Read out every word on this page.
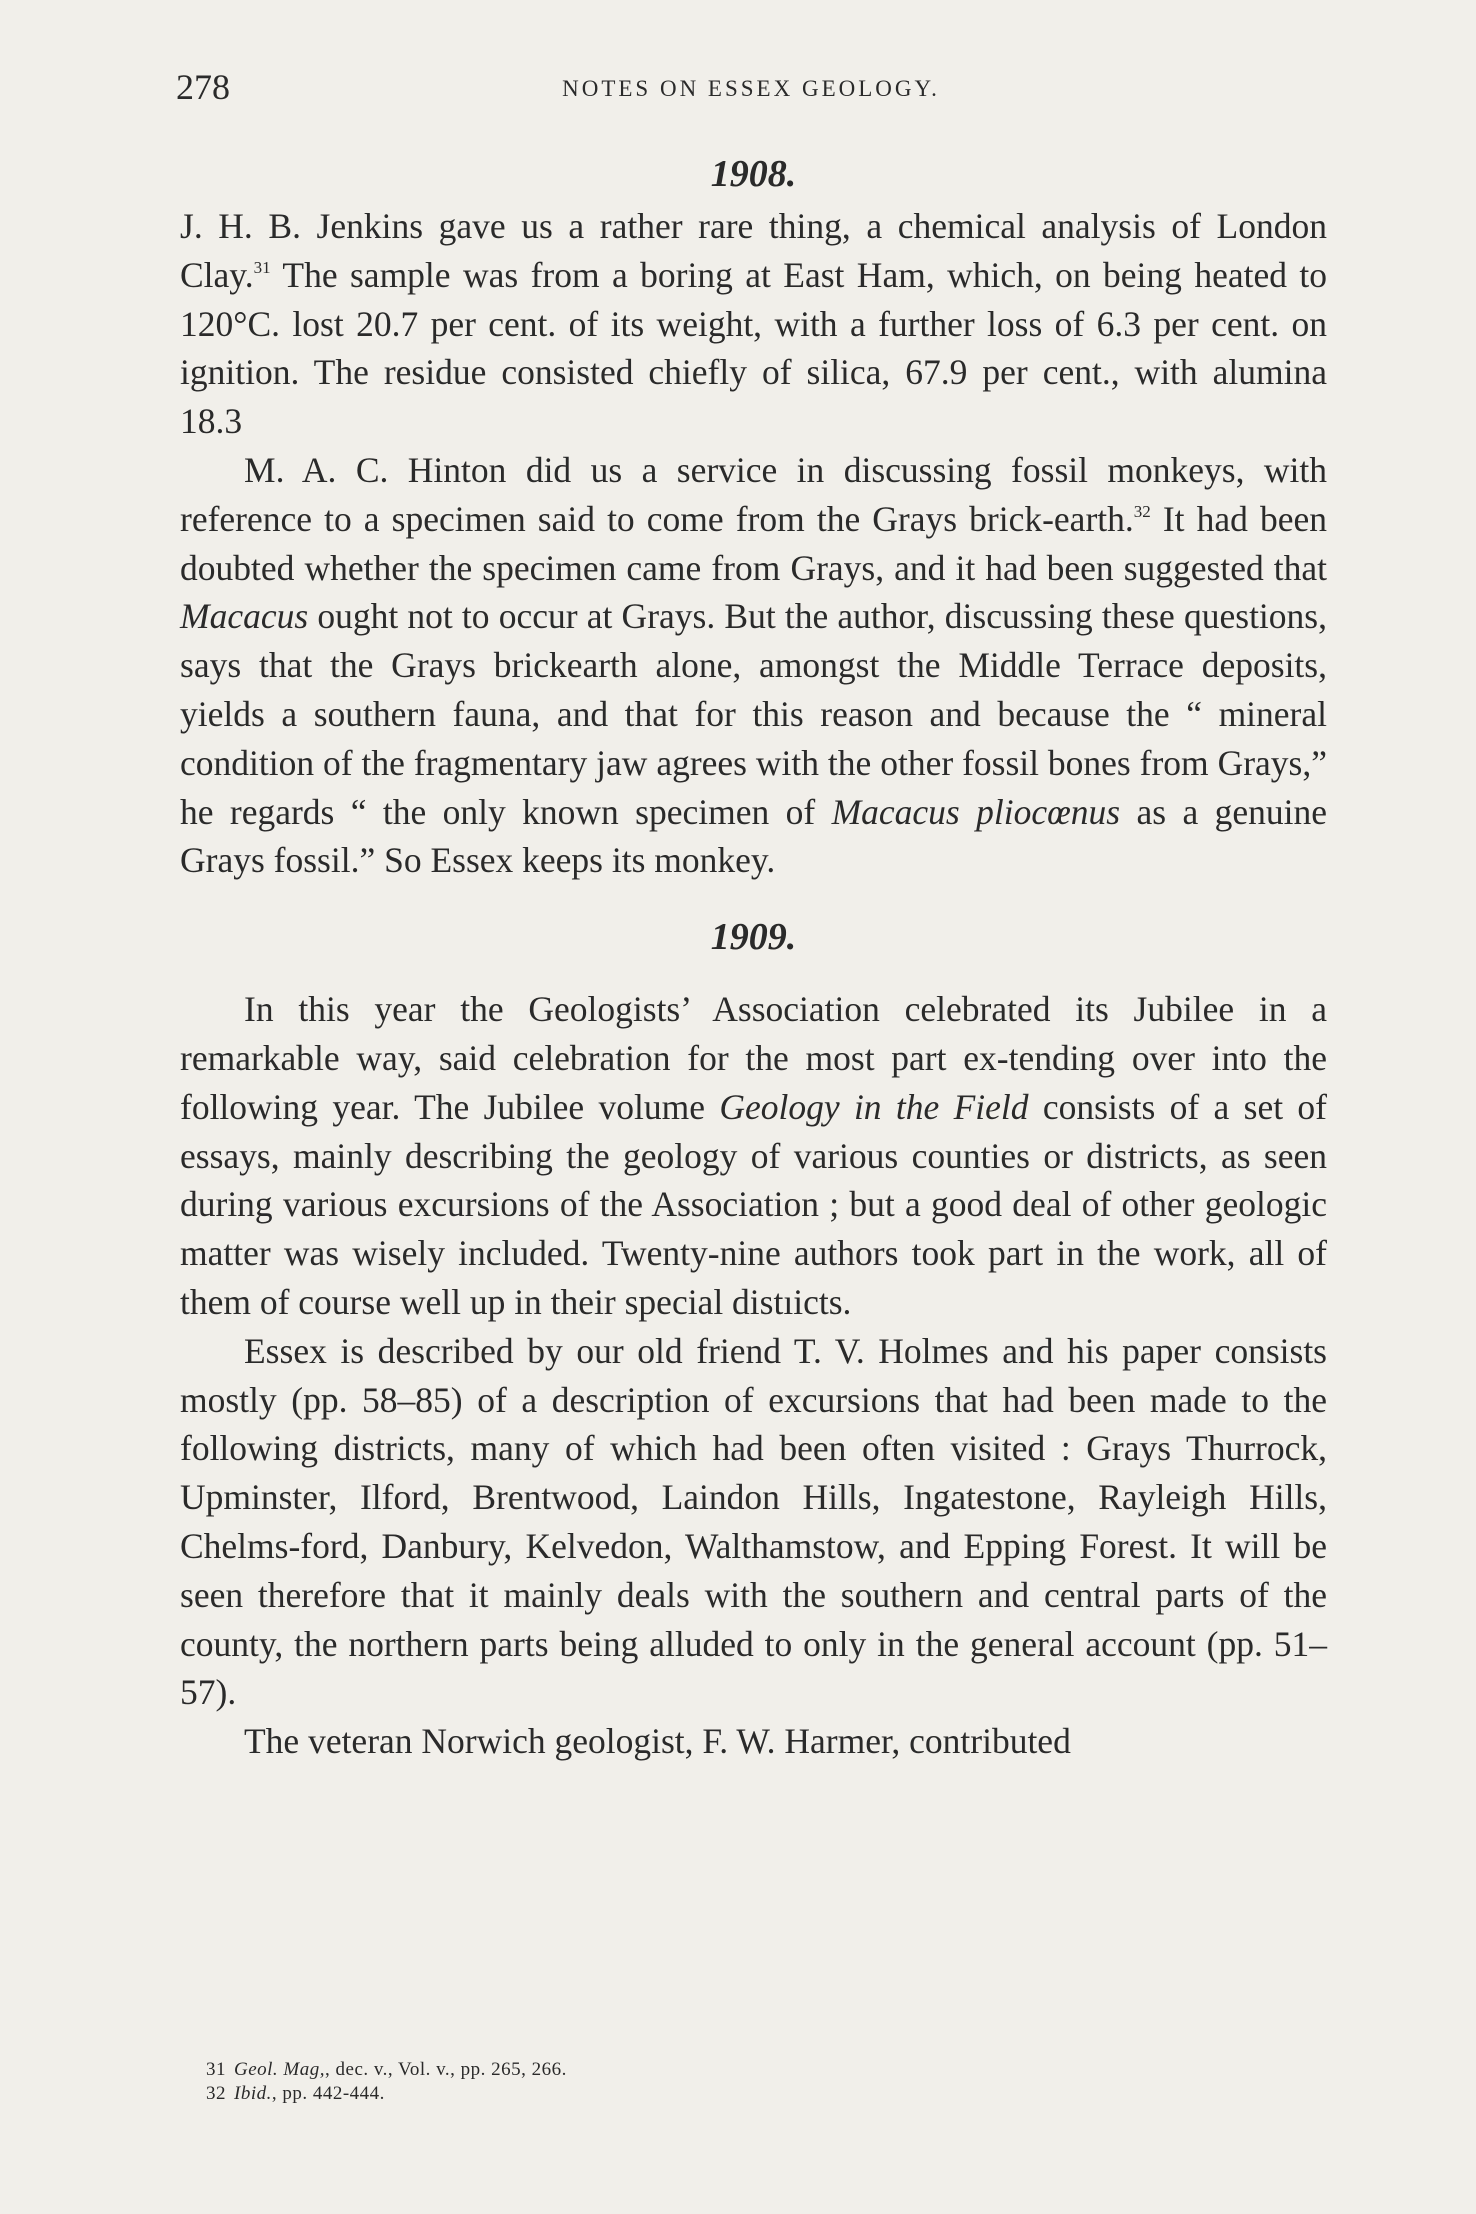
278	NOTES ON ESSEX GEOLOGY.
1908.

J. H. B. Jenkins gave us a rather rare thing, a chemical analysis of London Clay.$^{31}$ The sample was from a boring at East Ham, which, on being heated to 120°C. lost 20.7 per cent. of its weight, with a further loss of 6.3 per cent. on ignition. The residue consisted chiefly of silica, 67.9 per cent., with alumina 18.3

M. A. C. Hinton did us a service in discussing fossil monkeys, with reference to a specimen said to come from the Grays brick-earth.$^{32}$ It had been doubted whether the specimen came from Grays, and it had been suggested that Macacus ought not to occur at Grays. But the author, discussing these questions, says that the Grays brickearth alone, amongst the Middle Terrace deposits, yields a southern fauna, and that for this reason and because the “ mineral condition of the fragmentary jaw agrees with the other fossil bones from Grays,” he regards “ the only known specimen of Macacus pliocœnus as a genuine Grays fossil.” So Essex keeps its monkey.

1909.

In this year the Geologists’ Association celebrated its Jubilee in a remarkable way, said celebration for the most part ex-tending over into the following year. The Jubilee volume Geology in the Field consists of a set of essays, mainly describing the geology of various counties or districts, as seen during various excursions of the Association ; but a good deal of other geologic matter was wisely included. Twenty-nine authors took part in the work, all of them of course well up in their special distıicts.

Essex is described by our old friend T. V. Holmes and his paper consists mostly (pp. 58–85) of a description of excursions that had been made to the following districts, many of which had been often visited : Grays Thurrock, Upminster, Ilford, Brentwood, Laindon Hills, Ingatestone, Rayleigh Hills, Chelms-ford, Danbury, Kelvedon, Walthamstow, and Epping Forest. It will be seen therefore that it mainly deals with the southern and central parts of the county, the northern parts being alluded to only in the general account (pp. 51–57).

The veteran Norwich geologist, F. W. Harmer, contributed

31 Geol. Mag,, dec. v., Vol. v., pp. 265, 266.
32 Ibid., pp. 442-444.
